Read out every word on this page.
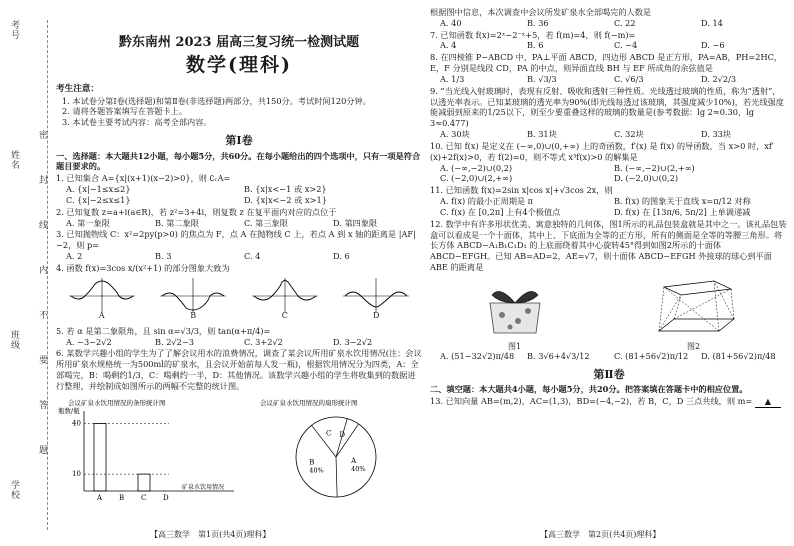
考号
姓名
班级
学校
密
封
线
内
不
要
答
题
黔东南州 2023 届高三复习统一检测试题
数学(理科)
考生注意：

1. 本试卷分第Ⅰ卷(选择题)和第Ⅱ卷(非选择题)两部分，共150分。考试时间120分钟。

2. 请将各题答案填写在答题卡上。

3. 本试卷主要考试内容：高考全部内容。

第Ⅰ卷

一、选择题：本大题共12小题，每小题5分，共60分。在每小题给出的四个选项中，只有一项是符合题目要求的。

1. 已知集合 A={x|(x+1)(x−2)>0}，则 ∁ᵣA=
A. {x|−1≤x≤2}	B. {x|x<−1 或 x>2}
C. {x|−2≤x≤1}	D. {x|x<−2 或 x>1}
2. 已知复数 z=a+i(a∈R)，若 z²=3+4i，则复数 z 在复平面内对应的点位于
A. 第一象限	B. 第二象限	C. 第三象限	D. 第四象限
3. 已知抛物线 C：x²=2py(p>0) 的焦点为 F，点 A 在抛物线 C 上，若点 A 到 x 轴的距离是 |AF|−2，则 p=
A. 2	B. 3	C. 4	D. 6
4. 函数 f(x)=3cos x/(x²+1) 的部分图象大致为
A	B	C	D
5. 若 α 是第二象限角，且 sin α=√3/3，则 tan(α+π/4)=
A. −3−2√2	B. 2√2−3	C. 3+2√2	D. 3−2√2
6. 某数学兴趣小组的学生为了了解会议用水的浪费情况，调查了某会议所用矿泉水饮用情况(注：会议所用矿泉水规格统一为500ml的矿泉水，且会议开始前每人发一瓶)，根据饮用情况分为四类，A：全部喝完，B：喝剩约1/3，C：喝剩约一半，D：其他情况。该数学兴趣小组的学生将收集到的数据进行整理，并绘制成如图所示的两幅不完整的统计图。
会议矿泉水饮用情况的条形统计图
瓶数/瓶
10
40
A B C D
矿泉水饮用情况
会议矿泉水饮用情况的扇形统计图
A
40%
B
40%
C D
根据图中信息，本次调查中会议所发矿泉水全部喝完的人数是
A. 40	B. 36	C. 22	D. 14
7. 已知函数 f(x)=2ˣ−2⁻ˣ+5，若 f(m)=4，则 f(−m)=
A. 4	B. 6	C. −4	D. −6
8. 在四棱锥 P−ABCD 中，PA⊥平面 ABCD，四边形 ABCD 是正方形，PA=AB，PH=2HC，E，F 分别是线段 CD，PA 的中点，则异面直线 BH 与 EF 所成角的余弦值是
A. 1/3	B. √3/3	C. √6/3	D. 2√2/3
9. “当光线入射玻璃时，表现有反射、吸收和透射三种性质。光线透过玻璃的性质，称为“透射”，以透光率表示。已知某玻璃的透光率为90%(即光线每透过该玻璃，其强度减少10%)，若光线强度能减弱到原来的1/25以下，则至少要重叠这样的玻璃的数量是(参考数据：lg 2≈0.30，lg 3≈0.477)
A. 30块	B. 31块	C. 32块	D. 33块
10. 已知 f(x) 是定义在 (−∞,0)∪(0,+∞) 上的奇函数，f′(x) 是 f(x) 的导函数，当 x>0 时，xf′(x)+2f(x)>0，若 f(2)=0，则不等式 x³f(x)>0 的解集是
A. (−∞,−2)∪(0,2)	B. (−∞,−2)∪(2,+∞)
C. (−2,0)∪(2,+∞)	D. (−2,0)∪(0,2)
11. 已知函数 f(x)=2sin x|cos x|+√3cos 2x，则
A. f(x) 的最小正周期是 π	B. f(x) 的图象关于直线 x=π/12 对称
C. f(x) 在 [0,2π] 上有4个极值点	D. f(x) 在 [13π/6, 5π/2] 上单调递减
12. 数学中有许多形状优美、寓意独特的几何体，图1所示的礼品包装盒就是其中之一。该礼品包装盒可以看成是一个十面体，其中上、下底面为全等的正方形，所有的侧面是全等的等腰三角形。将长方体 ABCD−A₁B₁C₁D₁ 的上底面绕着其中心旋转45°得到如图2所示的十面体 ABCD−EFGH。已知 AB=AD=2，AE=√7，则十面体 ABCD−EFGH 外接球的球心到平面 ABE 的距离是
图1	图2
A. (51−32√2)π/48	B. 3√6+4√3/12	C. (81+56√2)π/12	D. (81+56√2)π/48
第Ⅱ卷

二、填空题：本大题共4小题，每小题5分，共20分。把答案填在答题卡中的相应位置。

13. 已知向量 AB=(m,2)，AC=(1,3)，BD=(−4,−2)，若 B，C，D 三点共线，则 m= ▲
【高三数学　第1页(共4页)理科】	【高三数学　第2页(共4页)理科】
